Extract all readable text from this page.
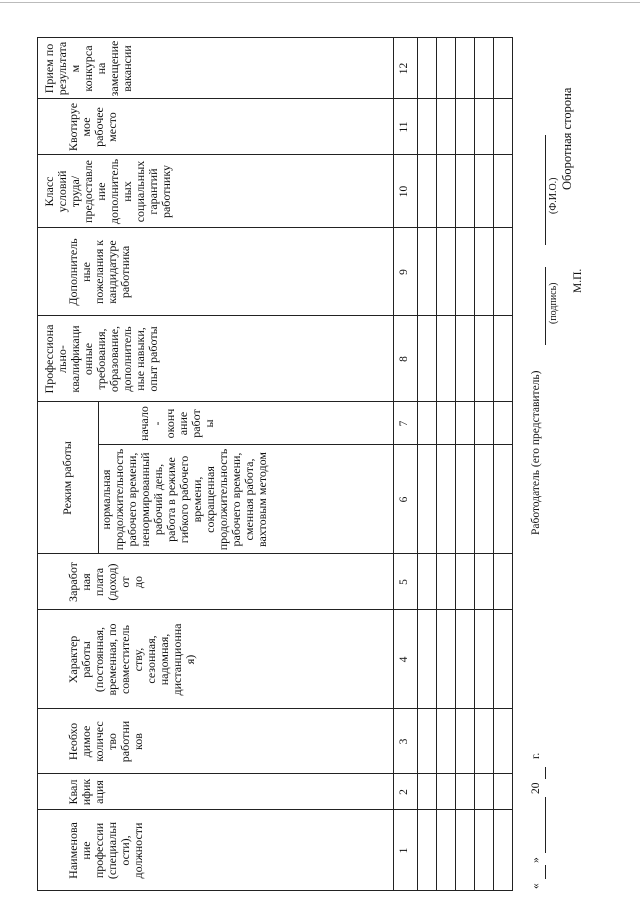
Оборотная сторона
Наименова
ние
профессии
(специальн
ости),
должности
Квал
ифик
ация
Необхо
димое
количес
тво
работни
ков
Характер
работы
(постоянная,
временная, по
совместитель
ству,
сезонная,
надомная,
дистанционна
я)
Заработ
ная
плата
(доход)
от
до
Режим работы	нормальная
продолжительность
рабочего времени,
ненормированный
рабочий день,
работа в режиме
гибкого рабочего
времени,
сокращенная
продолжительность
рабочего времени,
сменная работа,
вахтовым методом
начало
-
оконч
ание
работ
ы
Профессиона
льно-
квалификаци
онные
требования,
образование,
дополнитель
ные навыки,
опыт работы
Дополнитель
ные
пожелания к
кандидатуре
работника
Класс
условий
труда/
предоставле
ние
дополнитель
ных
социальных
гарантий
работнику
Квотируе
мое
рабочее
место
Прием по
результата
м
конкурса
на
замещение
вакансии
1
2
3
4
5
6
7
8
9
10
11
12
«
»
20
г.
Работодатель (его представитель)
(подпись)
(Ф.И.О.)
М.П.
